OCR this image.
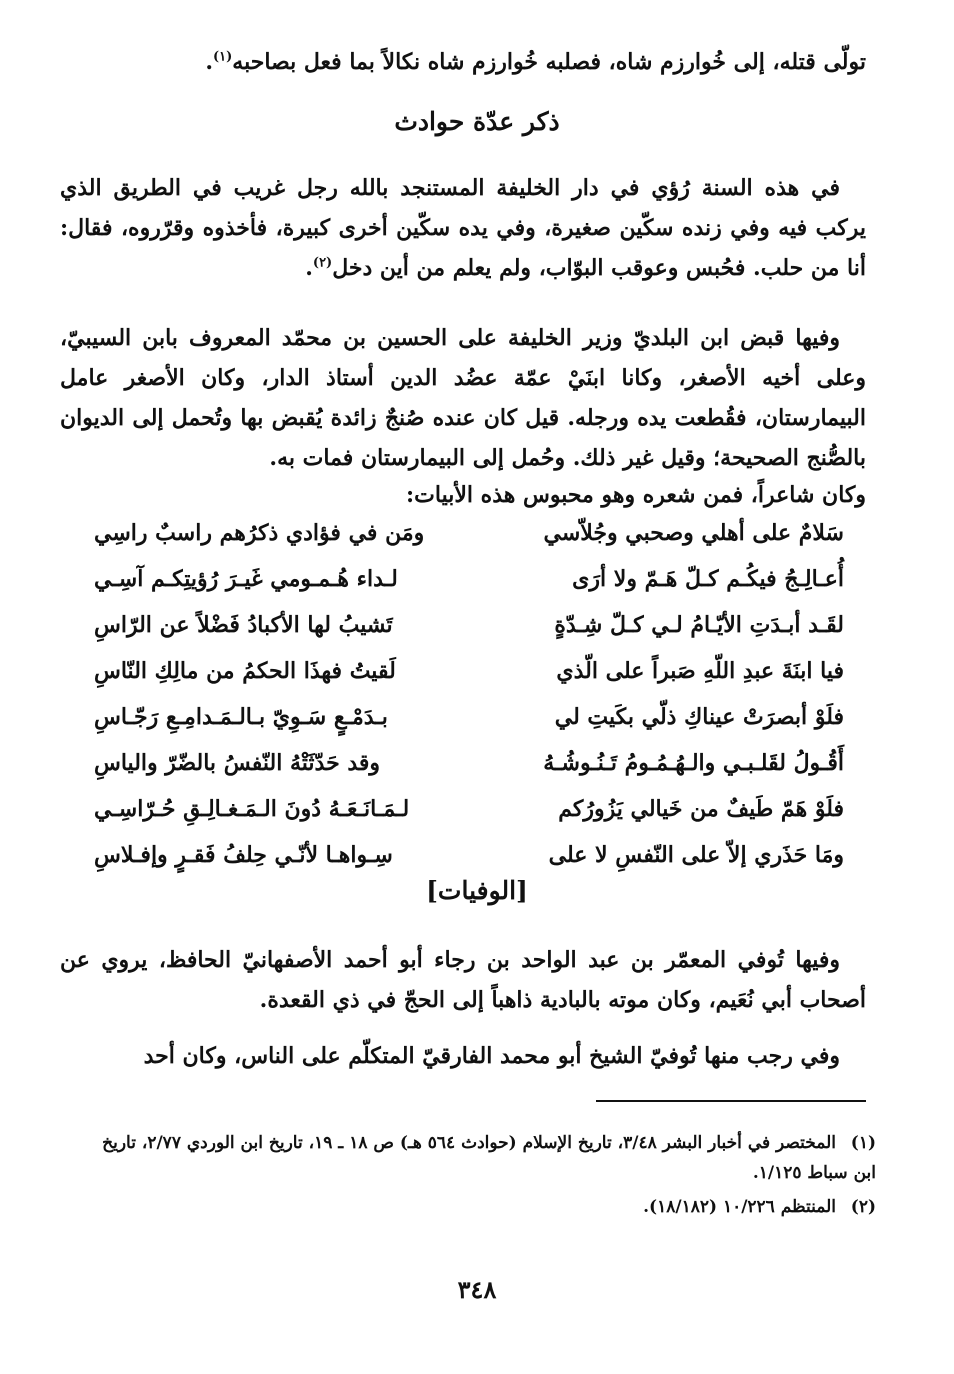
تولّى قتله، إلى خُوارزم شاه، فصلبه خُوارزم شاه نكالاً بما فعل بصاحبه$^{(١)}$.
ذكر عدّة حوادث
في هذه السنة رُؤي في دار الخليفة المستنجد بالله رجل غريب في الطريق الذي يركب فيه وفي زنده سكّين صغيرة، وفي يده سكّين أخرى كبيرة، فأخذوه وقرّروه، فقال: أنا من حلب. فحُبس وعوقب البوّاب، ولم يعلم من أين دخل$^{(٢)}$.
وفيها قبض ابن البلديّ وزير الخليفة على الحسين بن محمّد المعروف بابن السيبيّ، وعلى أخيه الأصغر، وكانا ابنَيْ عمّة عضُد الدين أستاذ الدار، وكان الأصغر عامل البيمارستان، فقُطعت يده ورجله. قيل كان عنده صُنجٌ زائدة يُقبض بها وتُحمل إلى الديوان بالصُّنج الصحيحة؛ وقيل غير ذلك. وحُمل إلى البيمارستان فمات به.
وكان شاعراً، فمن شعره وهو محبوس هذه الأبيات:
سَلامٌ على أهلي وصحبي وجُلاّسي
ومَن في فؤادي ذكرُهم راسبٌ راسِي
أُعـالِـجُ فيكُـم كـلّ هَـمّ ولا أرَى
لـداء هُـمـومي غَيـرَ رُؤيتِكـم آسِـي
لقَـد أبـدَتِ الأيّـامُ لـي كـلّ شِـدّةٍ
تَشيبُ لها الأكبادُ فَضْلاً عن الرّاسِ
فيا ابنَةَ عبدِ اللّهِ صَبراً على الّذي
لَقيتُ فهذَا الحكمُ من مالِكِ النّاسِ
فلَوْ أبصرَتْ عيناكِ ذلّي بكَيتِ لي
بـدَمْـعٍ سَـوِيّ بـالـمَـدامِـعِ رَجّـاسِ
أَقُـولُ لقَلـبـي والـهُـمُـومُ تَـنُـوشُـهُ
وقد حَدّثَتْهُ النّفسُ بالضّرّ والياسِ
فلَوْ هَمّ طَيفٌ من خَيالي يَزُورُكم
لـمَـانَـعَـهُ دُونَ الـمَـغـالِـقِ حُـرّاسِـي
ومَا حَذَري إلاّ على النّفسِ لا على
سِـواهـا لأنّـي حِلفُ فَقـرٍ وإفـلاسِ
[الوفيات]
وفيها تُوفي المعمّر بن عبد الواحد بن رجاء أبو أحمد الأصفهانيّ الحافظ، يروي عن أصحاب أبي نُعَيم، وكان موته بالبادية ذاهباً إلى الحجّ في ذي القعدة.
وفي رجب منها تُوفيّ الشيخ أبو محمد الفارقيّ المتكلّم على الناس، وكان أحد
(١)المختصر في أخبار البشر ٣/٤٨، تاريخ الإسلام (حوادث ٥٦٤ هـ) ص ١٨ ـ ١٩، تاريخ ابن الوردي ٢/٧٧، تاريخ ابن سباط ١/١٢٥.
(٢)المنتظم ١٠/٢٢٦ (١٨/١٨٢).
٣٤٨
